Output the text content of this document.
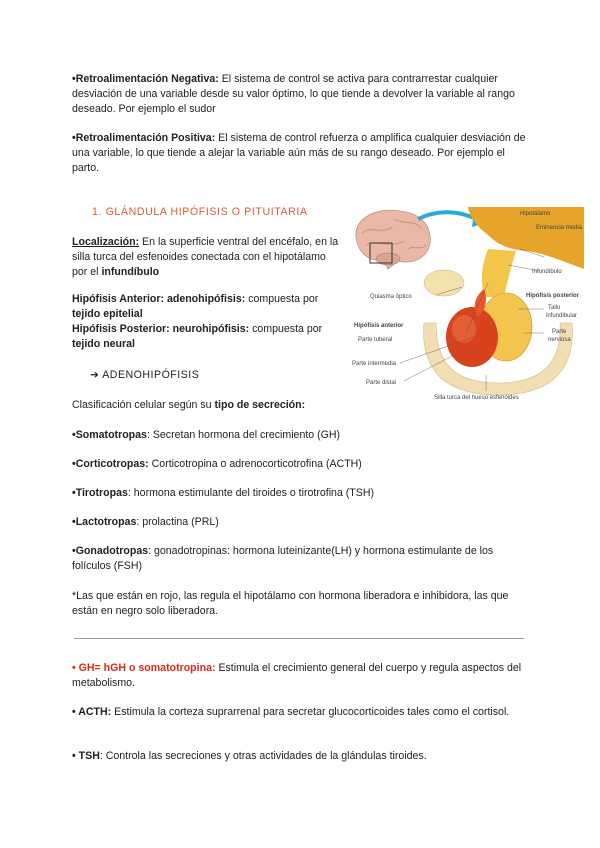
•Retroalimentación Negativa: El sistema de control se activa para contrarrestar cualquier desviación de una variable desde su valor óptimo, lo que tiende a devolver la variable al rango deseado. Por ejemplo el sudor
•Retroalimentación Positiva: El sistema de control refuerza o amplifica cualquier desviación de una variable, lo que tiende a alejar la variable aún más de su rango deseado. Por ejemplo el parto.
1. GLÁNDULA HIPÓFISIS O PITUITARIA
Localización: En la superficie ventral del encéfalo, en la silla turca del esfenoides conectada con el hipotálamo por el infundíbulo
Hipófisis Anterior: adenohipófisis: compuesta por tejido epitelial
Hipófisis Posterior: neurohipófisis: compuesta por tejido neural
Hipotálamo
Eminencia media
Infundíbulo
Quiasma óptico	Hipófisis posterior
Tallo
infundibular
Hipófisis anterior
Parte
nerviosa
Parte tuberal
Parte intermedia
Parte distal
Silla turca del hueso esfenoides
➔ ADENOHIPÓFISIS
Clasificación celular según su tipo de secreción:
•Somatotropas: Secretan hormona del crecimiento (GH)
•Corticotropas: Corticotropina o adrenocorticotrofina (ACTH)
•Tirotropas: hormona estimulante del tiroides o tirotrofina (TSH)
•Lactotropas: prolactina (PRL)
•Gonadotropas: gonadotropinas: hormona luteinizante(LH) y hormona estimulante de los folículos (FSH)
*Las que están en rojo, las regula el hipotálamo con hormona liberadora e inhibidora, las que están en negro solo liberadora.
• GH= hGH o somatotropina: Estimula el crecimiento general del cuerpo y regula aspectos del metabolismo.
• ACTH: Estimula la corteza suprarrenal para secretar glucocorticoides tales como el cortisol.
• TSH: Controla las secreciones y otras actividades de la glándulas tiroides.
